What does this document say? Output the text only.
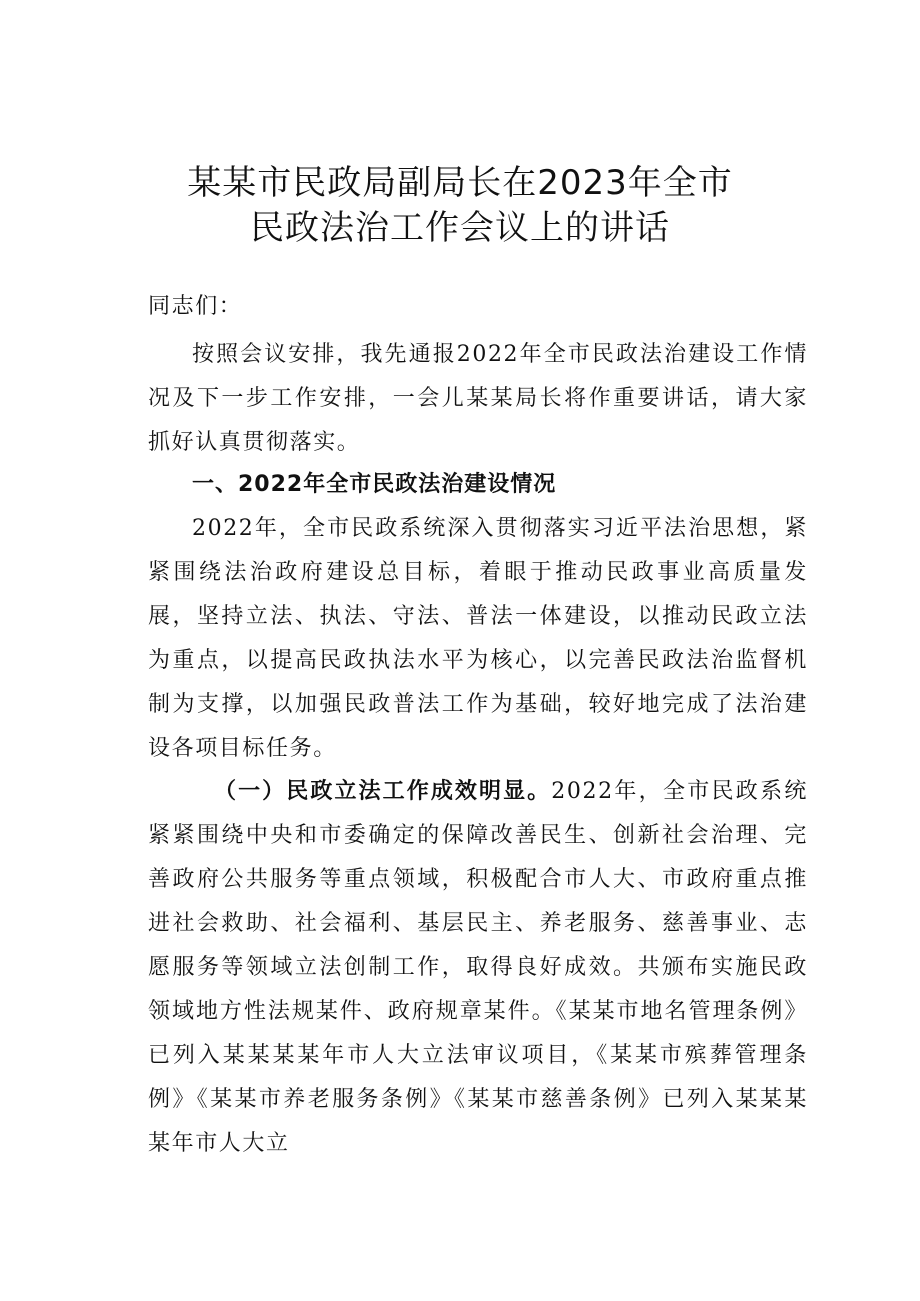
某某市民政局副局长在2023年全市
民政法治工作会议上的讲话
同志们：
按照会议安排，我先通报2022年全市民政法治建设工作情况及下一步工作安排，一会儿某某局长将作重要讲话，请大家抓好认真贯彻落实。
一、2022年全市民政法治建设情况
2022年，全市民政系统深入贯彻落实习近平法治思想，紧紧围绕法治政府建设总目标，着眼于推动民政事业高质量发展，坚持立法、执法、守法、普法一体建设，以推动民政立法为重点，以提高民政执法水平为核心，以完善民政法治监督机制为支撑，以加强民政普法工作为基础，较好地完成了法治建设各项目标任务。
（一）民政立法工作成效明显。2022年，全市民政系统紧紧围绕中央和市委确定的保障改善民生、创新社会治理、完善政府公共服务等重点领域，积极配合市人大、市政府重点推进社会救助、社会福利、基层民主、养老服务、慈善事业、志愿服务等领域立法创制工作，取得良好成效。共颁布实施民政领域地方性法规某件、政府规章某件。《某某市地名管理条例》已列入某某某某年市人大立法审议项目，《某某市殡葬管理条例》《某某市养老服务条例》《某某市慈善条例》已列入某某某某年市人大立
